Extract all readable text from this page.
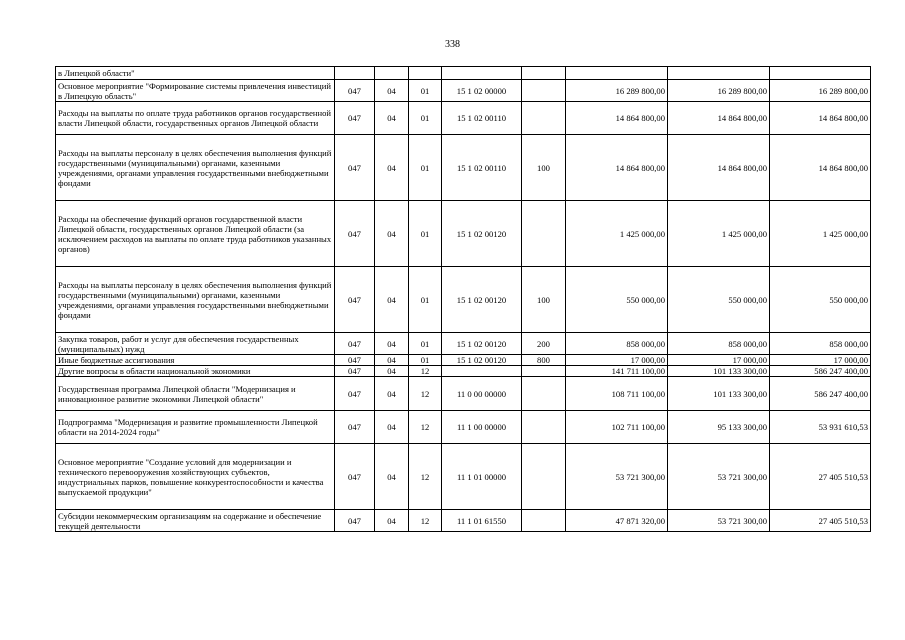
338
в Липецкой области"								
Основное мероприятие "Формирование системы привлечения инвестиций в Липецкую область"	047	04	01	15 1 02 00000		16 289 800,00	16 289 800,00	16 289 800,00
Расходы на выплаты по оплате труда работников органов государственной власти Липецкой области, государственных органов Липецкой области	047	04	01	15 1 02 00110		14 864 800,00	14 864 800,00	14 864 800,00
Расходы на выплаты персоналу в целях обеспечения выполнения функций государственными (муниципальными) органами, казенными учреждениями, органами управления государственными внебюджетными фондами	047	04	01	15 1 02 00110	100	14 864 800,00	14 864 800,00	14 864 800,00
Расходы на обеспечение функций органов государственной власти Липецкой области, государственных органов Липецкой области (за исключением расходов на выплаты по оплате труда работников указанных органов)	047	04	01	15 1 02 00120		1 425 000,00	1 425 000,00	1 425 000,00
Расходы на выплаты персоналу в целях обеспечения выполнения функций государственными (муниципальными) органами, казенными учреждениями, органами управления государственными внебюджетными фондами	047	04	01	15 1 02 00120	100	550 000,00	550 000,00	550 000,00
Закупка товаров, работ и услуг для обеспечения государственных (муниципальных) нужд	047	04	01	15 1 02 00120	200	858 000,00	858 000,00	858 000,00
Иные бюджетные ассигнования	047	04	01	15 1 02 00120	800	17 000,00	17 000,00	17 000,00
Другие вопросы в области национальной экономики	047	04	12			141 711 100,00	101 133 300,00	586 247 400,00
Государственная программа Липецкой области "Модернизация и инновационное развитие экономики Липецкой области"	047	04	12	11 0 00 00000		108 711 100,00	101 133 300,00	586 247 400,00
Подпрограмма "Модернизация и развитие промышленности Липецкой области на 2014-2024 годы"	047	04	12	11 1 00 00000		102 711 100,00	95 133 300,00	53 931 610,53
Основное мероприятие "Создание условий для модернизации и технического перевооружения хозяйствующих субъектов, индустриальных парков, повышение конкурентоспособности и качества выпускаемой продукции"	047	04	12	11 1 01 00000		53 721 300,00	53 721 300,00	27 405 510,53
Субсидии некоммерческим организациям на содержание и обеспечение текущей деятельности	047	04	12	11 1 01 61550		47 871 320,00	53 721 300,00	27 405 510,53
